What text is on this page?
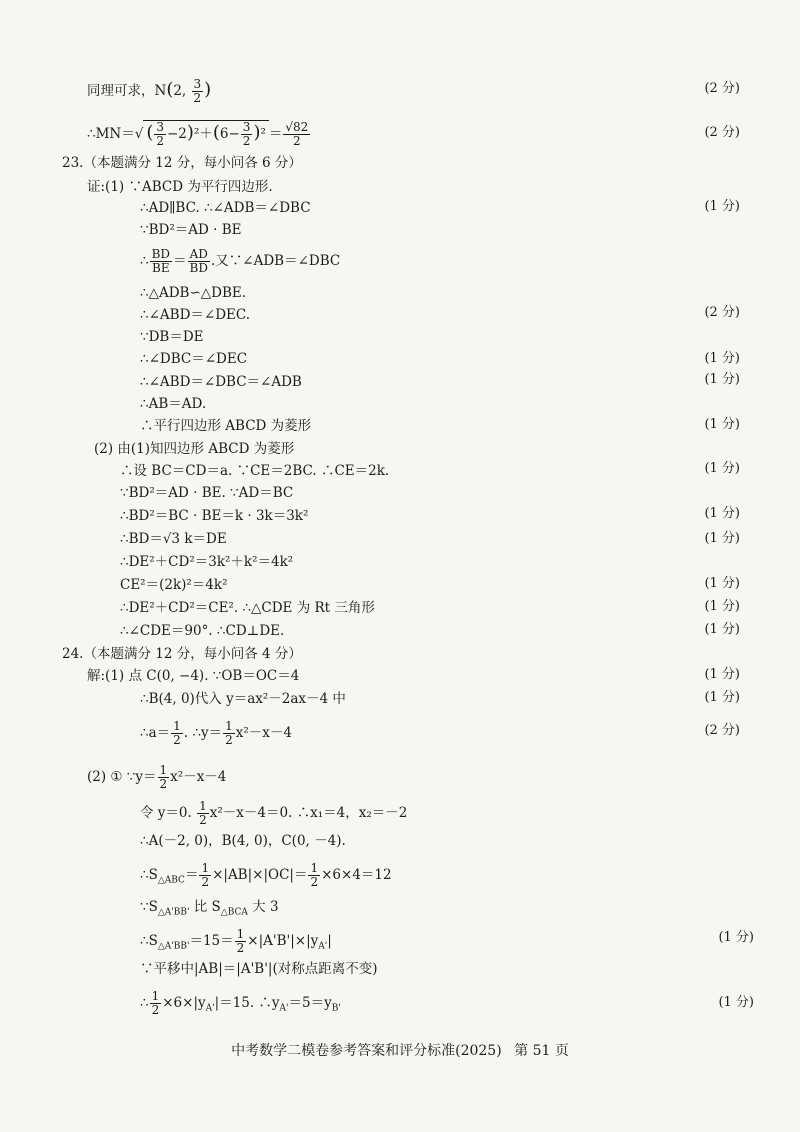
同理可求，N(2, $\frac{3}{2}$ )	(2 分)
∴MN＝√ ( $\frac{3}{2} -2)^2+(6- \frac{3}{2} )^2 = \frac{√82}{2}$	(2 分)
23.（本题满分 12 分，每小问各 6 分）
证:(1) ∵ABCD 为平行四边形.
∴AD∥BC. ∴∠ADB＝∠DBC	(1 分)
∵BD²＝AD · BE
∴ $\frac{BD}{BE} = \frac{AD}{BD}$ .又∵∠ADB＝∠DBC
∴△ADB∽△DBE.
∴∠ABD＝∠DEC.	(2 分)
∵DB＝DE
∴∠DBC＝∠DEC	(1 分)
∴∠ABD＝∠DBC＝∠ADB	(1 分)
∴AB＝AD.
∴平行四边形 ABCD 为菱形	(1 分)
(2) 由(1)知四边形 ABCD 为菱形
∴设 BC＝CD＝a. ∵CE＝2BC. ∴CE＝2k.	(1 分)
∵BD²＝AD · BE. ∵AD＝BC
∴BD²＝BC · BE＝k · 3k＝3k²	(1 分)
∴BD＝√3 k＝DE	(1 分)
∴DE²＋CD²＝3k²＋k²＝4k²
CE²＝(2k)²＝4k²	(1 分)
∴DE²＋CD²＝CE². ∴△CDE 为 Rt 三角形	(1 分)
∴∠CDE＝90°. ∴CD⊥DE.	(1 分)
24.（本题满分 12 分，每小问各 4 分）
解:(1) 点 C(0, −4). ∵OB＝OC＝4	(1 分)
∴B(4, 0)代入 y＝ax²－2ax－4 中	(1 分)
∴a＝ $\frac{1}{2}$ . ∴y＝ $\frac{1}{2} x^2-x-4$	(2 分)
(2) ① ∵y＝ $\frac{1}{2} x^2-x-4$
令 y＝0. $\frac{1}{2} x^2-x-4=0$. ∴x₁＝4，x₂＝－2
∴A(－2, 0)，B(4, 0)，C(0, －4).
$\therefore S_{\triangle ABC}= \frac{1}{2} \times|AB|\times|OC|= \frac{1}{2} \times 6\times 4=12$
$\because S_{\triangle A'BB'}$ 比 $S_{\triangle BCA}$ 大 3
$\therefore S_{\triangle A'BB'}=15= \frac{1}{2} \times|A'B'|\times|y_{A'}|$	(1 分)
∵平移中|AB|＝|A'B'|(对称点距离不变)
∴ $\frac{1}{2} \times 6\times|y_{A'}|=15$. $\therefore y_{A'}=5=y_{B'}$	(1 分)
中考数学二模卷参考答案和评分标准(2025) 第 51 页
